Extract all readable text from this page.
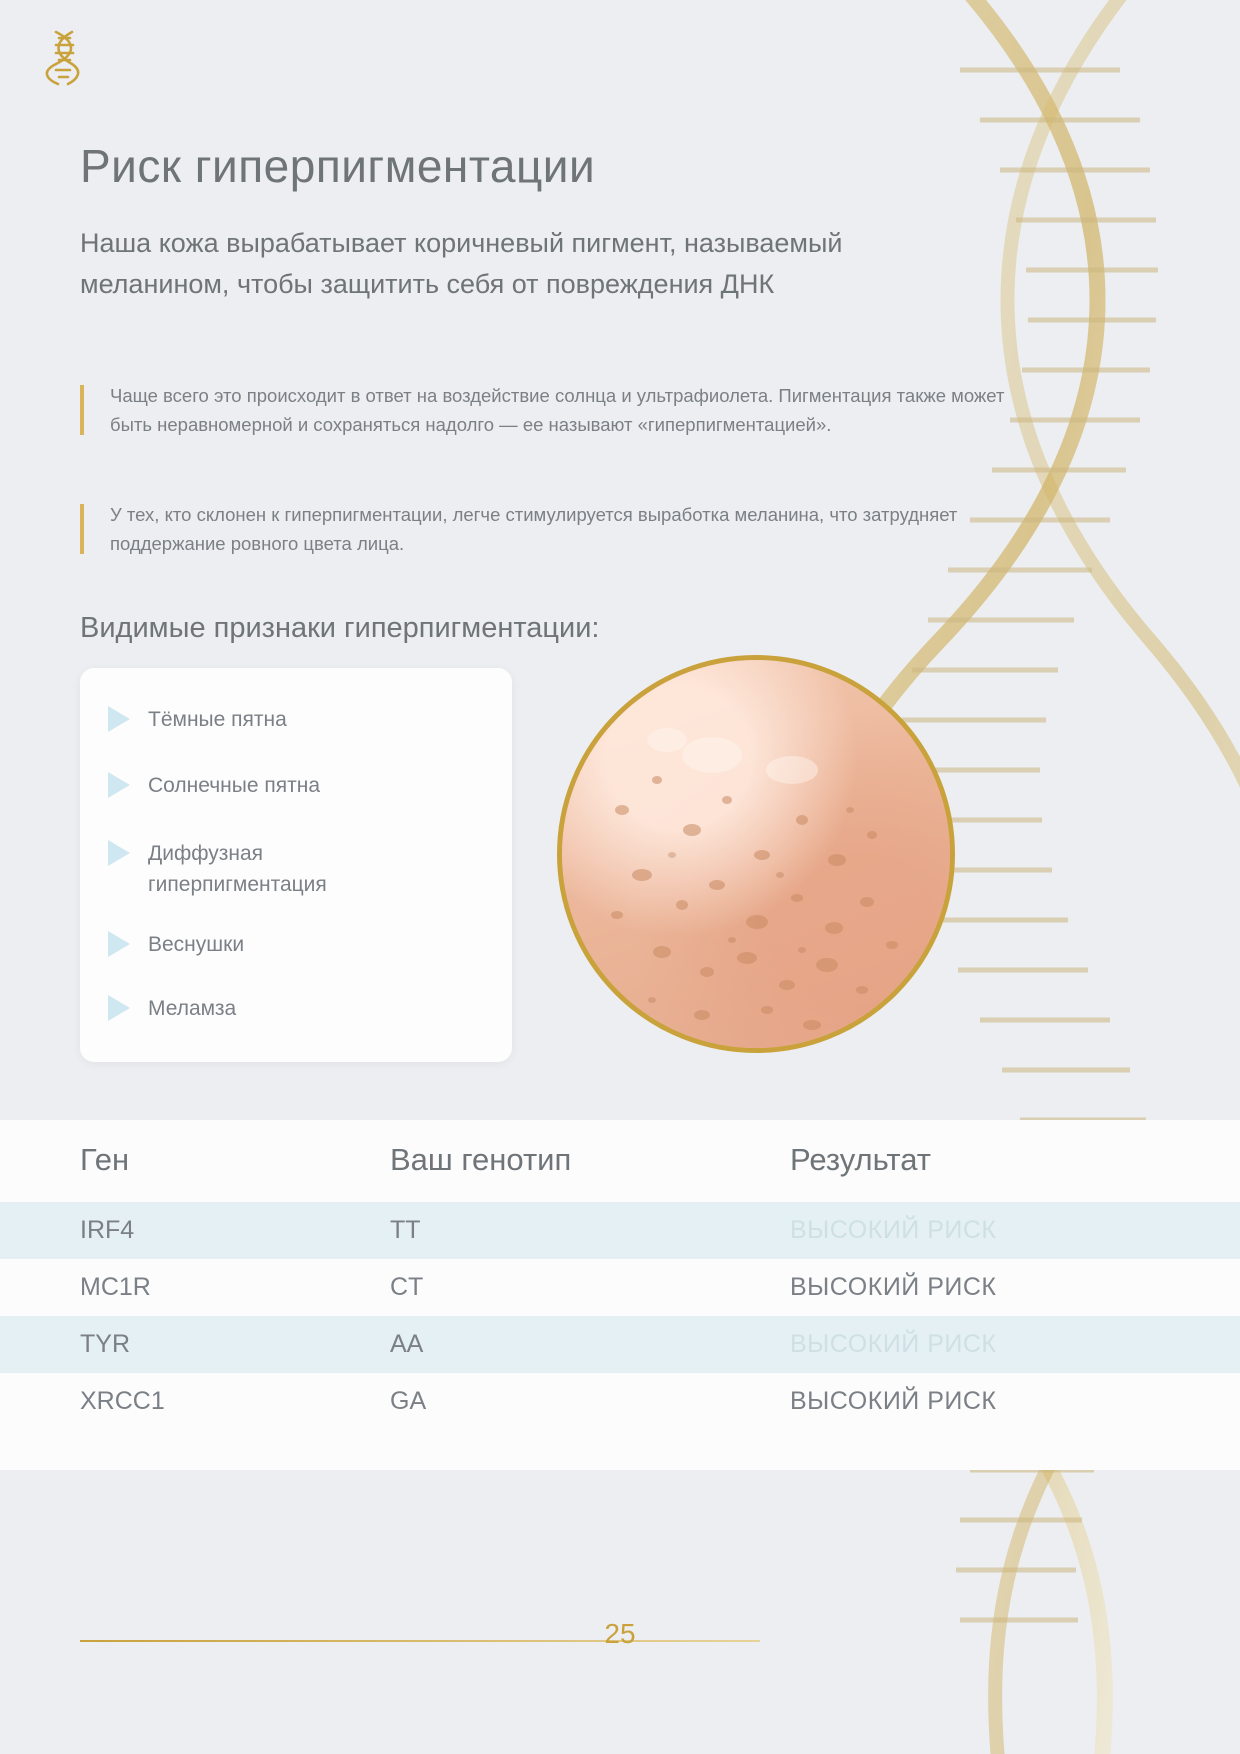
Риск гиперпигментации

Наша кожа вырабатывает коричневый пигмент, называемый меланином, чтобы защитить себя от повреждения ДНК

Чаще всего это происходит в ответ на воздействие солнца и ультрафиолета. Пигментация также может быть неравномерной и сохраняться надолго — ее называют «гиперпигментацией».

У тех, кто склонен к гиперпигментации, легче стимулируется выработка меланина, что затрудняет поддержание ровного цвета лица.

Видимые признаки гиперпигментации:
Тёмные пятна
Солнечные пятна
Диффузная гиперпигментация
Веснушки
Меламза
Ген	Ваш генотип	Результат
IRF4	TT	ВЫСОКИЙ РИСК
MC1R	CT	ВЫСОКИЙ РИСК
TYR	AA	ВЫСОКИЙ РИСК
XRCC1	GA	ВЫСОКИЙ РИСК
25
